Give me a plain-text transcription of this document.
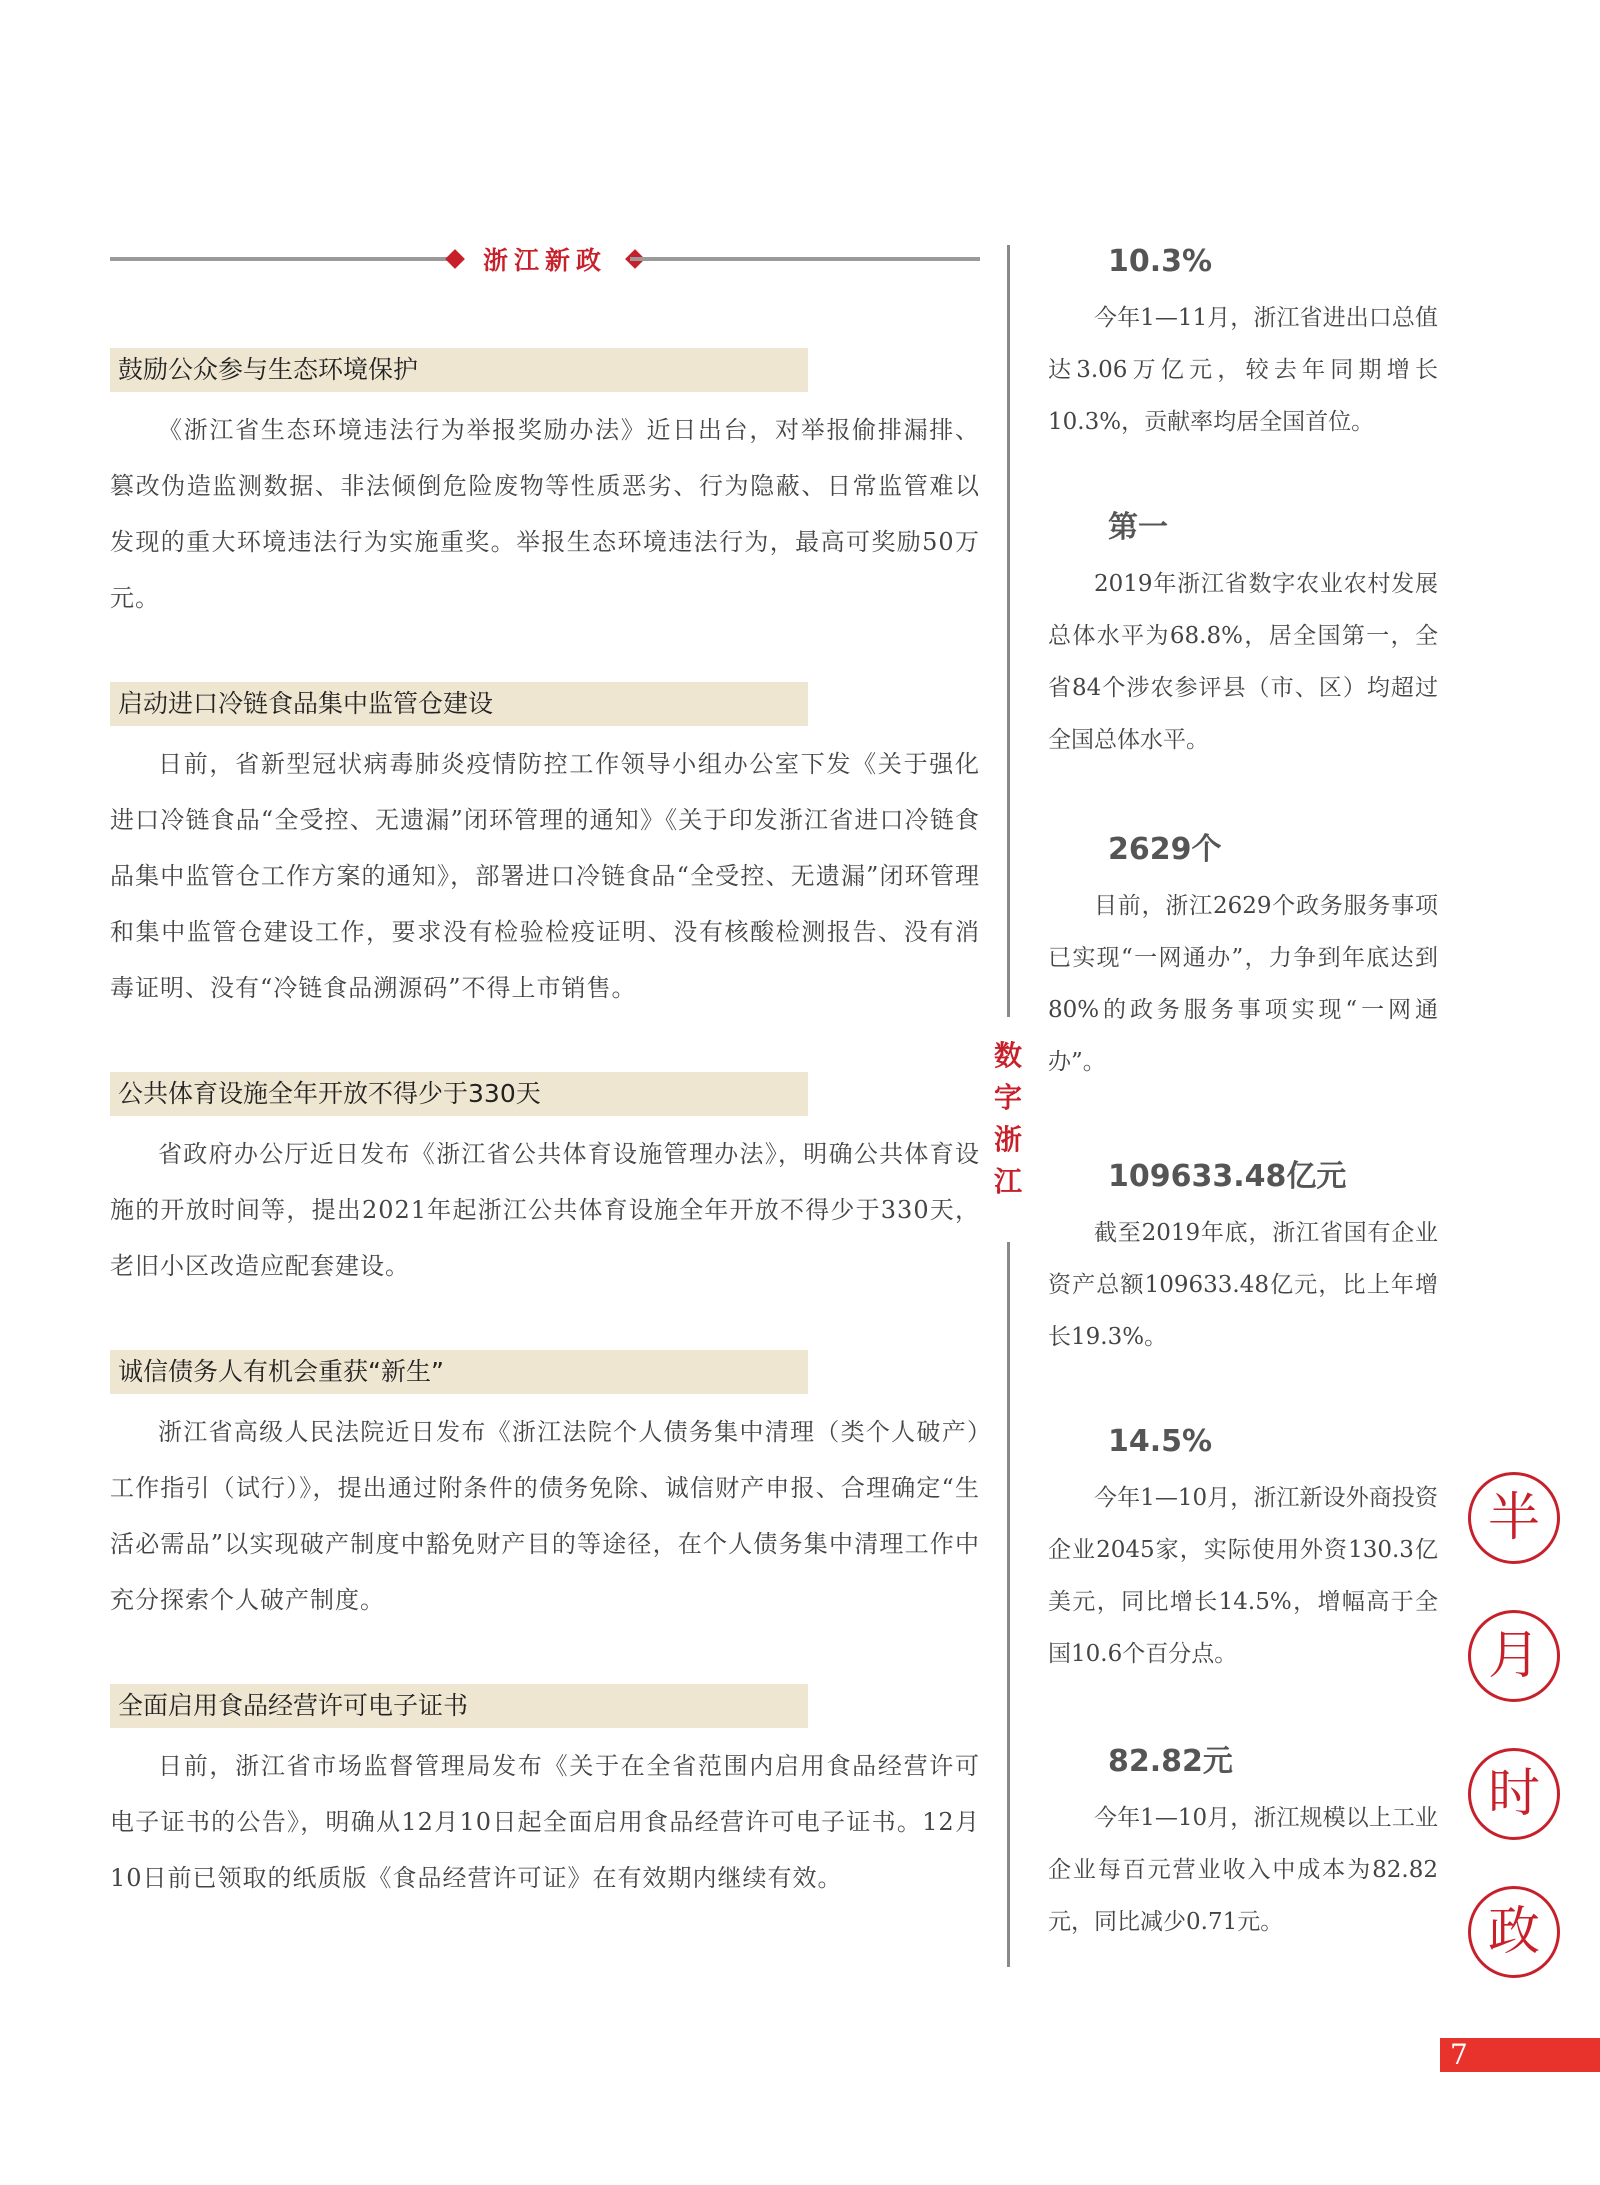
浙江新政
鼓励公众参与生态环境保护

《浙江省生态环境违法行为举报奖励办法》近日出台，对举报偷排漏排、篡改伪造监测数据、非法倾倒危险废物等性质恶劣、行为隐蔽、日常监管难以发现的重大环境违法行为实施重奖。举报生态环境违法行为，最高可奖励50万元。

启动进口冷链食品集中监管仓建设

日前，省新型冠状病毒肺炎疫情防控工作领导小组办公室下发《关于强化进口冷链食品“全受控、无遗漏”闭环管理的通知》《关于印发浙江省进口冷链食品集中监管仓工作方案的通知》，部署进口冷链食品“全受控、无遗漏”闭环管理和集中监管仓建设工作，要求没有检验检疫证明、没有核酸检测报告、没有消毒证明、没有“冷链食品溯源码”不得上市销售。

公共体育设施全年开放不得少于330天

省政府办公厅近日发布《浙江省公共体育设施管理办法》，明确公共体育设施的开放时间等，提出2021年起浙江公共体育设施全年开放不得少于330天，老旧小区改造应配套建设。

诚信债务人有机会重获“新生”

浙江省高级人民法院近日发布《浙江法院个人债务集中清理（类个人破产）工作指引（试行）》，提出通过附条件的债务免除、诚信财产申报、合理确定“生活必需品”以实现破产制度中豁免财产目的等途径，在个人债务集中清理工作中充分探索个人破产制度。

全面启用食品经营许可电子证书

日前，浙江省市场监督管理局发布《关于在全省范围内启用食品经营许可电子证书的公告》，明确从12月10日起全面启用食品经营许可电子证书。12月10日前已领取的纸质版《食品经营许可证》在有效期内继续有效。

数
字
浙
江
10.3%

今年1—11月，浙江省进出口总值达3.06万亿元，较去年同期增长10.3%，贡献率均居全国首位。

第一

2019年浙江省数字农业农村发展总体水平为68.8%，居全国第一，全省84个涉农参评县（市、区）均超过全国总体水平。

2629个

目前，浙江2629个政务服务事项已实现“一网通办”，力争到年底达到80%的政务服务事项实现“一网通办”。

109633.48亿元

截至2019年底，浙江省国有企业资产总额109633.48亿元，比上年增长19.3%。

14.5%

今年1—10月，浙江新设外商投资企业2045家，实际使用外资130.3亿美元，同比增长14.5%，增幅高于全国10.6个百分点。

82.82元

今年1—10月，浙江规模以上工业企业每百元营业收入中成本为82.82元，同比减少0.71元。

半
月
时
政
7
